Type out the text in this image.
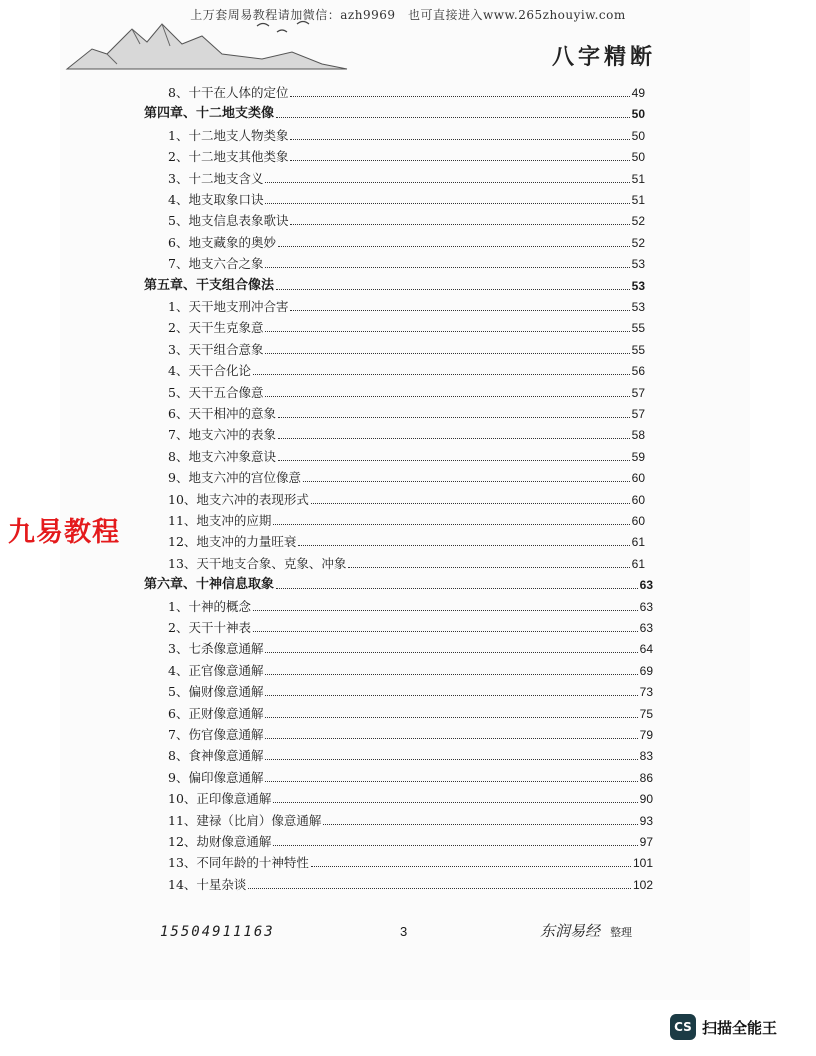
上万套周易教程请加微信：azh9969　也可直接进入www.265zhouyiw.com
八字精断
8、十干在人体的定位	49
第四章、十二地支类像	50
1、十二地支人物类象	50
2、十二地支其他类象	50
3、十二地支含义	51
4、地支取象口诀	51
5、地支信息表象歌诀	52
6、地支藏象的奥妙	52
7、地支六合之象	53
第五章、干支组合像法	53
1、天干地支刑冲合害	53
2、天干生克象意	55
3、天干组合意象	55
4、天干合化论	56
5、天干五合像意	57
6、天干相冲的意象	57
7、地支六冲的表象	58
8、地支六冲象意诀	59
9、地支六冲的宫位像意	60
10、地支六冲的表现形式	60
11、地支冲的应期	60
12、地支冲的力量旺衰	61
13、天干地支合象、克象、冲象	61
第六章、十神信息取象	63
1、十神的概念	63
2、天干十神表	63
3、七杀像意通解	64
4、正官像意通解	69
5、偏财像意通解	73
6、正财像意通解	75
7、伤官像意通解	79
8、食神像意通解	83
9、偏印像意通解	86
10、正印像意通解	90
11、建禄（比肩）像意通解	93
12、劫财像意通解	97
13、不同年龄的十神特性	101
14、十星杂谈	102
九易教程
15504911163	3	东润易经 整理
CS 扫描全能王
